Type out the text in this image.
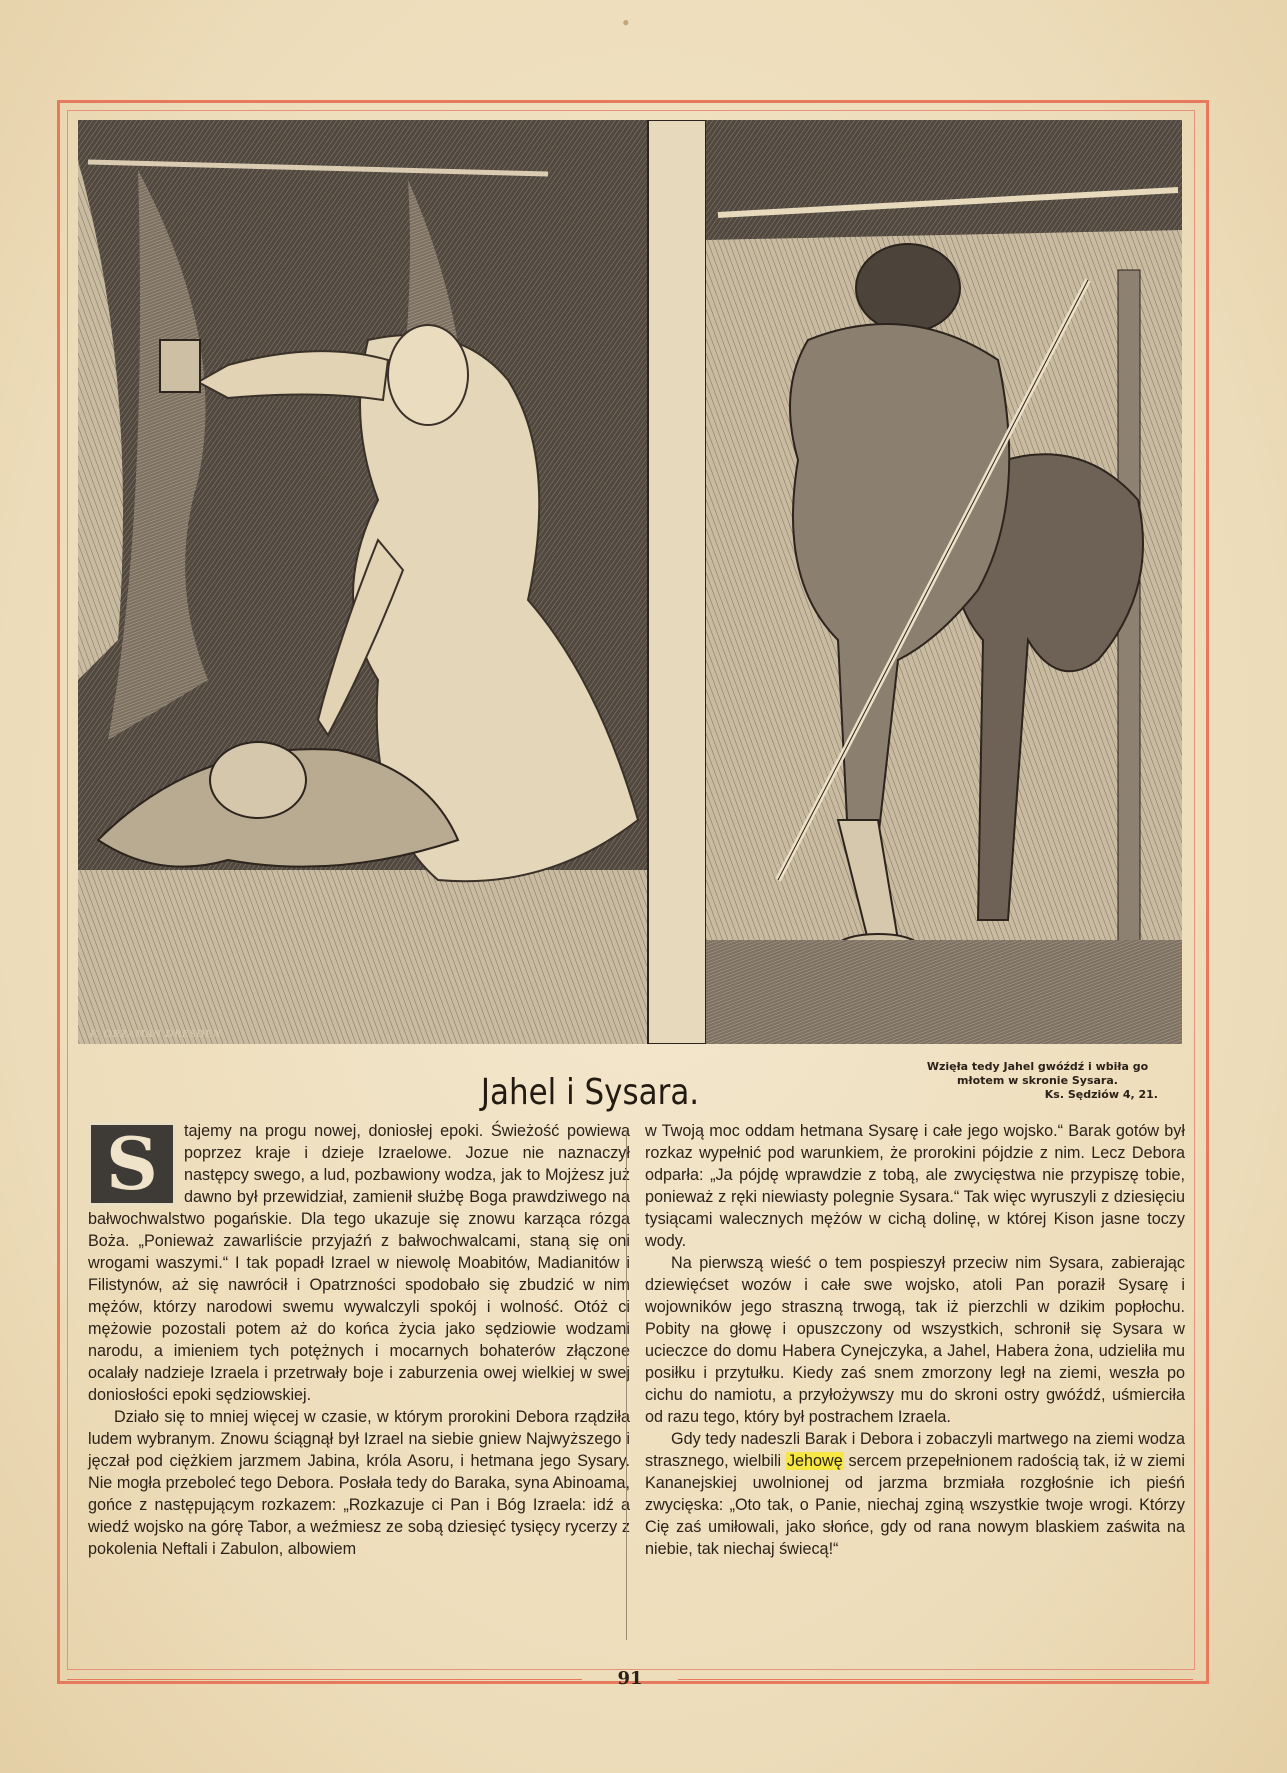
•
F. ORZAMAN DRESDEN
Jahel i Sysara.
Wzięła tedy Jahel gwóźdź i wbiła go młotem w skronie Sysara.
Ks. Sędziów 4, 21.

S	tajemy na progu nowej, doniosłej epoki. Świeżość powiewa poprzez kraje i dzieje Izraelowe. Jozue nie naznaczył następcy swego, a lud, pozbawiony wodza, jak to Mojżesz już dawno był przewidział, zamienił służbę Boga prawdziwego na bałwochwalstwo pogańskie. Dla tego ukazuje się znowu karząca rózga Boża. „Ponieważ zawarliście przyjaźń z bałwochwalcami, staną się oni wrogami waszymi.“ I tak popadł Izrael w niewolę Moabitów, Madianitów i Filistynów, aż się nawrócił i Opatrzności spodobało się zbudzić w nim mężów, którzy narodowi swemu wywalczyli spokój i wolność. Otóż ci mężowie pozostali potem aż do końca życia jako sędziowie wodzami narodu, a imieniem tych potężnych i mocarnych bohaterów złączone ocalały nadzieje Izraela i przetrwały boje i zaburzenia owej wielkiej w swej doniosłości epoki sędziowskiej.

Działo się to mniej więcej w czasie, w którym prorokini Debora rządziła ludem wybranym. Znowu ściągnął był Izrael na siebie gniew Najwyższego i jęczał pod ciężkiem jarzmem Jabina, króla Asoru, i hetmana jego Sysary. Nie mogła przeboleć tego Debora. Posłała tedy do Baraka, syna Abinoama, gońce z następującym rozkazem: „Rozkazuje ci Pan i Bóg Izraela: idź a wiedź wojsko na górę Tabor, a weźmiesz ze sobą dziesięć tysięcy rycerzy z pokolenia Neftali i Zabulon, albowiem

w Twoją moc oddam hetmana Sysarę i całe jego wojsko.“ Barak gotów był rozkaz wypełnić pod warunkiem, że prorokini pójdzie z nim. Lecz Debora odparła: „Ja pójdę wprawdzie z tobą, ale zwycięstwa nie przypiszę tobie, ponieważ z ręki niewiasty polegnie Sysara.“ Tak więc wyruszyli z dziesięciu tysiącami walecznych mężów w cichą dolinę, w której Kison jasne toczy wody.

Na pierwszą wieść o tem pospieszył przeciw nim Sysara, zabierając dziewięćset wozów i całe swe wojsko, atoli Pan poraził Sysarę i wojowników jego straszną trwogą, tak iż pierzchli w dzikim popłochu. Pobity na głowę i opuszczony od wszystkich, schronił się Sysara w ucieczce do domu Habera Cynejczyka, a Jahel, Habera żona, udzieliła mu posiłku i przytułku. Kiedy zaś snem zmorzony legł na ziemi, weszła po cichu do namiotu, a przyłożywszy mu do skroni ostry gwóźdź, uśmierciła od razu tego, który był postrachem Izraela.

Gdy tedy nadeszli Barak i Debora i zobaczyli martwego na ziemi wodza strasznego, wielbili Jehowę sercem przepełnionem radością tak, iż w ziemi Kananejskiej uwolnionej od jarzma brzmiała rozgłośnie ich pieśń zwycięska: „Oto tak, o Panie, niechaj zginą wszystkie twoje wrogi. Którzy Cię zaś umiłowali, jako słońce, gdy od rana nowym blaskiem zaświta na niebie, tak niechaj świecą!“

91
